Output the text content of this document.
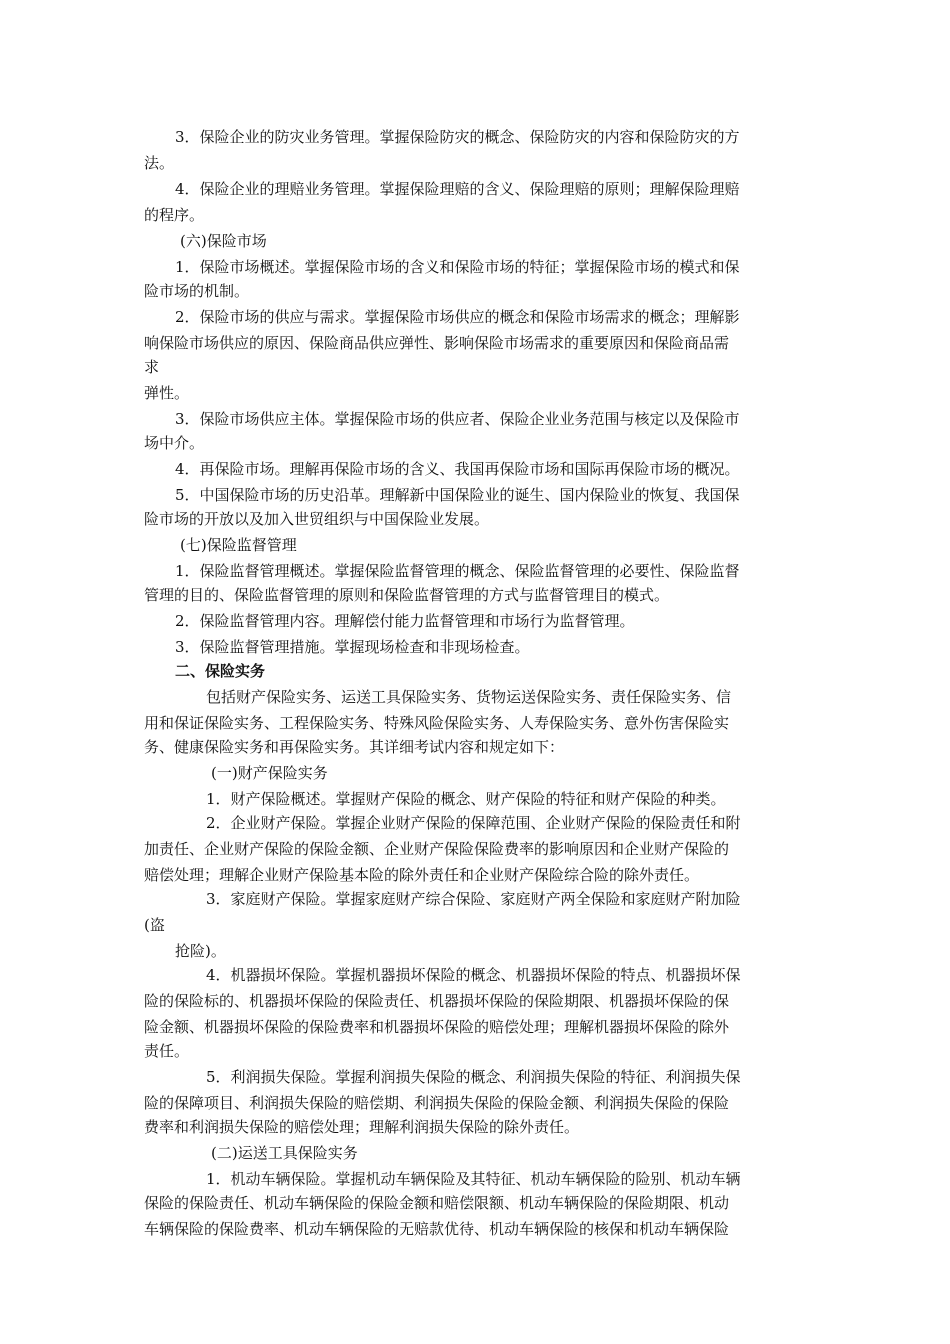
3．保险企业的防灾业务管理。掌握保险防灾的概念、保险防灾的内容和保险防灾的方
法。
4．保险企业的理赔业务管理。掌握保险理赔的含义、保险理赔的原则；理解保险理赔
的程序。
(六)保险市场
1．保险市场概述。掌握保险市场的含义和保险市场的特征；掌握保险市场的模式和保
险市场的机制。
2．保险市场的供应与需求。掌握保险市场供应的概念和保险市场需求的概念；理解影
响保险市场供应的原因、保险商品供应弹性、影响保险市场需求的重要原因和保险商品需
求
弹性。
3．保险市场供应主体。掌握保险市场的供应者、保险企业业务范围与核定以及保险市
场中介。
4．再保险市场。理解再保险市场的含义、我国再保险市场和国际再保险市场的概况。
5．中国保险市场的历史沿革。理解新中国保险业的诞生、国内保险业的恢复、我国保
险市场的开放以及加入世贸组织与中国保险业发展。
(七)保险监督管理
1．保险监督管理概述。掌握保险监督管理的概念、保险监督管理的必要性、保险监督
管理的目的、保险监督管理的原则和保险监督管理的方式与监督管理目的模式。
2．保险监督管理内容。理解偿付能力监督管理和市场行为监督管理。
3．保险监督管理措施。掌握现场检查和非现场检查。
二、保险实务
包括财产保险实务、运送工具保险实务、货物运送保险实务、责任保险实务、信
用和保证保险实务、工程保险实务、特殊风险保险实务、人寿保险实务、意外伤害保险实
务、健康保险实务和再保险实务。其详细考试内容和规定如下：
(一)财产保险实务
1．财产保险概述。掌握财产保险的概念、财产保险的特征和财产保险的种类。
2．企业财产保险。掌握企业财产保险的保障范围、企业财产保险的保险责任和附
加责任、企业财产保险的保险金额、企业财产保险保险费率的影响原因和企业财产保险的
赔偿处理；理解企业财产保险基本险的除外责任和企业财产保险综合险的除外责任。
3．家庭财产保险。掌握家庭财产综合保险、家庭财产两全保险和家庭财产附加险
(盗
抢险)。
4．机器损坏保险。掌握机器损坏保险的概念、机器损坏保险的特点、机器损坏保
险的保险标的、机器损坏保险的保险责任、机器损坏保险的保险期限、机器损坏保险的保
险金额、机器损坏保险的保险费率和机器损坏保险的赔偿处理；理解机器损坏保险的除外
责任。
5．利润损失保险。掌握利润损失保险的概念、利润损失保险的特征、利润损失保
险的保障项目、利润损失保险的赔偿期、利润损失保险的保险金额、利润损失保险的保险
费率和利润损失保险的赔偿处理；理解利润损失保险的除外责任。
(二)运送工具保险实务
1．机动车辆保险。掌握机动车辆保险及其特征、机动车辆保险的险别、机动车辆
保险的保险责任、机动车辆保险的保险金额和赔偿限额、机动车辆保险的保险期限、机动
车辆保险的保险费率、机动车辆保险的无赔款优待、机动车辆保险的核保和机动车辆保险
